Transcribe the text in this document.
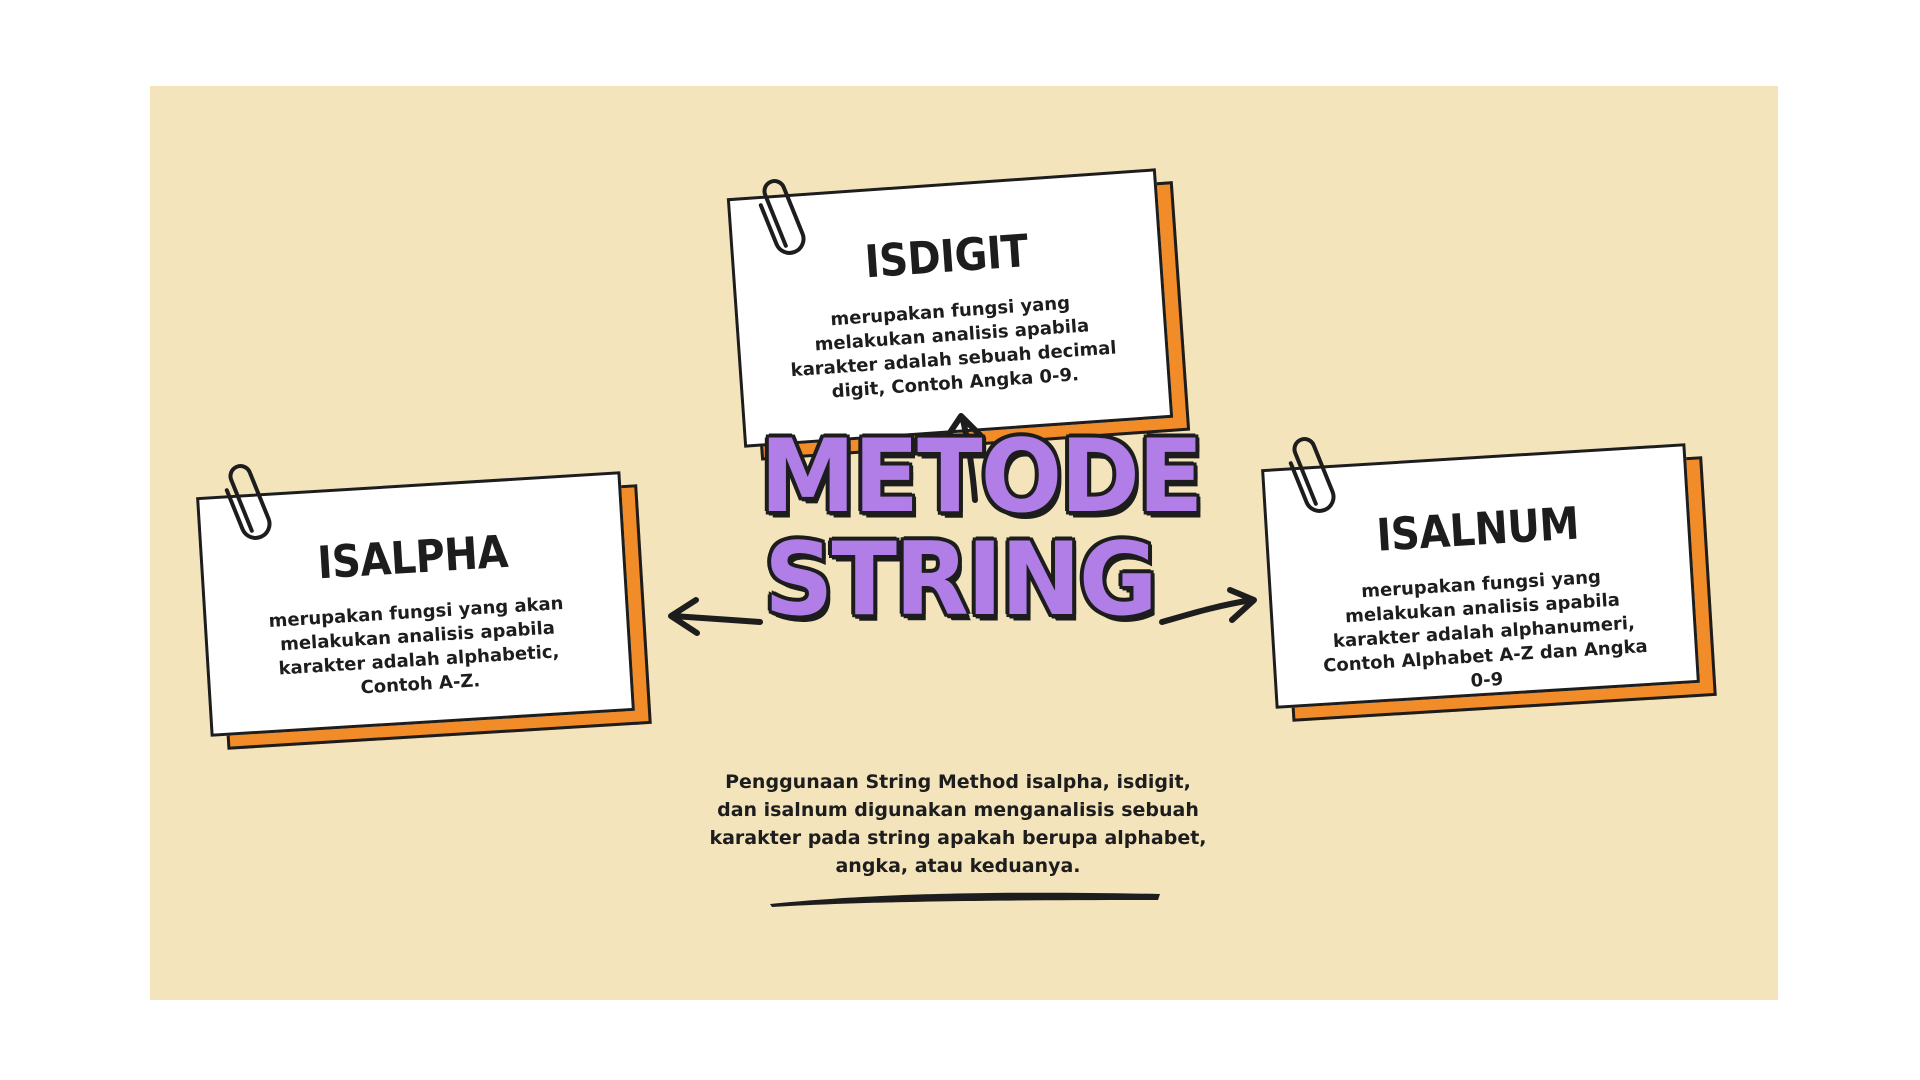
ISDIGIT

merupakan fungsi yang melakukan analisis apabila karakter adalah sebuah decimal digit, Contoh Angka 0-9.

ISALPHA

merupakan fungsi yang akan melakukan analisis apabila karakter adalah alphabetic, Contoh A-Z.

ISALNUM

merupakan fungsi yang melakukan analisis apabila karakter adalah alphanumeri, Contoh Alphabet A-Z dan Angka 0-9

METODE
STRING

Penggunaan String Method isalpha, isdigit, dan isalnum digunakan menganalisis sebuah karakter pada string apakah berupa alphabet, angka, atau keduanya.
